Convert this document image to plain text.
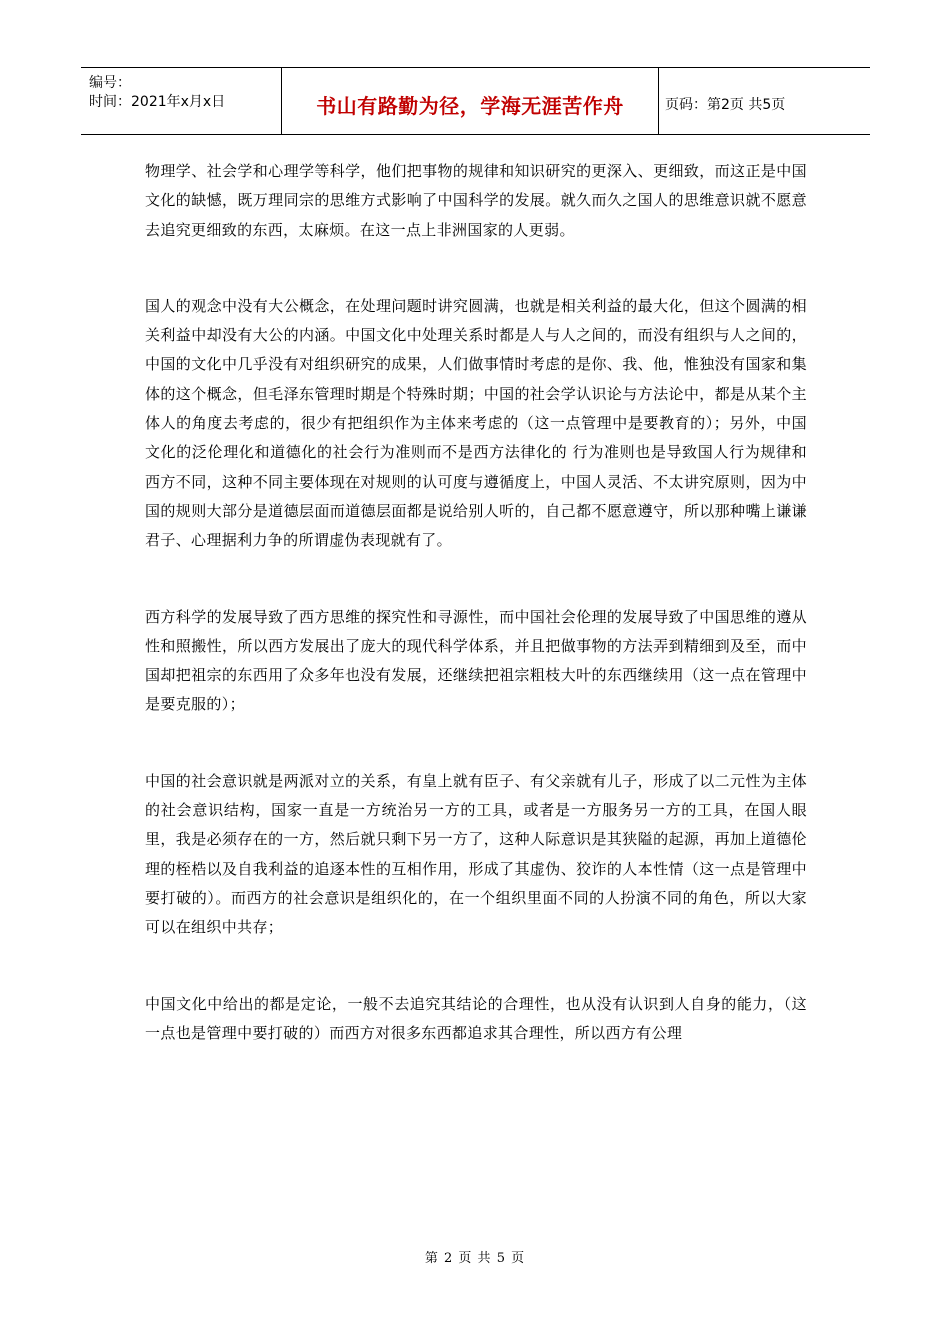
编号：
时间：2021年x月x日	书山有路勤为径，学海无涯苦作舟	页码：第2页 共5页

物理学、社会学和心理学等科学，他们把事物的规律和知识研究的更深入、更细致，而这正是中国文化的缺憾，既万理同宗的思维方式影响了中国科学的发展。就久而久之国人的思维意识就不愿意去追究更细致的东西，太麻烦。在这一点上非洲国家的人更弱。

国人的观念中没有大公概念，在处理问题时讲究圆满，也就是相关利益的最大化，但这个圆满的相关利益中却没有大公的内涵。中国文化中处理关系时都是人与人之间的，而没有组织与人之间的，中国的文化中几乎没有对组织研究的成果，人们做事情时考虑的是你、我、他，惟独没有国家和集体的这个概念，但毛泽东管理时期是个特殊时期；中国的社会学认识论与方法论中，都是从某个主体人的角度去考虑的，很少有把组织作为主体来考虑的（这一点管理中是要教育的）；另外，中国文化的泛伦理化和道德化的社会行为准则而不是西方法律化的 行为准则也是导致国人行为规律和西方不同，这种不同主要体现在对规则的认可度与遵循度上，中国人灵活、不太讲究原则，因为中国的规则大部分是道德层面而道德层面都是说给别人听的，自己都不愿意遵守，所以那种嘴上谦谦君子、心理据利力争的所谓虚伪表现就有了。

西方科学的发展导致了西方思维的探究性和寻源性，而中国社会伦理的发展导致了中国思维的遵从性和照搬性，所以西方发展出了庞大的现代科学体系，并且把做事物的方法弄到精细到及至，而中国却把祖宗的东西用了众多年也没有发展，还继续把祖宗粗枝大叶的东西继续用（这一点在管理中是要克服的）；

中国的社会意识就是两派对立的关系，有皇上就有臣子、有父亲就有儿子，形成了以二元性为主体的社会意识结构，国家一直是一方统治另一方的工具，或者是一方服务另一方的工具，在国人眼里，我是必须存在的一方，然后就只剩下另一方了，这种人际意识是其狭隘的起源，再加上道德伦理的桎梏以及自我利益的追逐本性的互相作用，形成了其虚伪、狡诈的人本性情（这一点是管理中要打破的）。而西方的社会意识是组织化的，在一个组织里面不同的人扮演不同的角色，所以大家可以在组织中共存；

中国文化中给出的都是定论，一般不去追究其结论的合理性，也从没有认识到人自身的能力，（这一点也是管理中要打破的）而西方对很多东西都追求其合理性，所以西方有公理

第 2 页 共 5 页
